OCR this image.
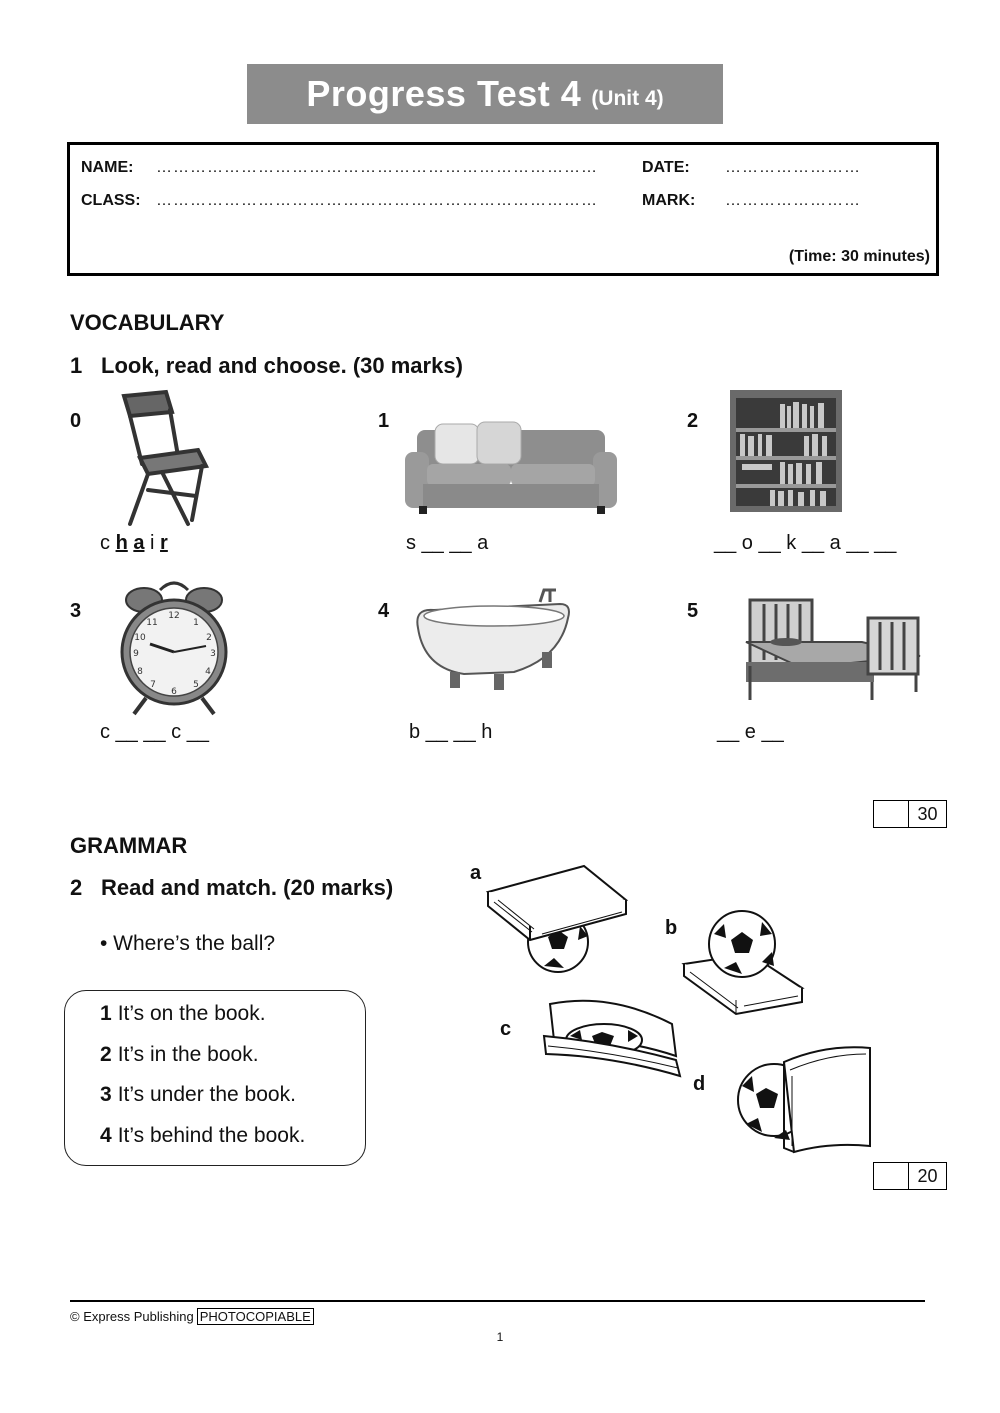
Progress Test 4 (Unit 4)
NAME: ……………………………………………………………………	DATE: ……………………
CLASS: ……………………………………………………………………	MARK: ……………………
(Time: 30 minutes)
VOCABULARY
1 Look, read and choose. (30 marks)
0	1	2
3	4	5
12
1
2
3
4
5
6
7
8
9
10
11
c h a i r	s __ __ a	__ o __ k __ a __ __
c __ __ c __	b __ __ h	__ e __
30
GRAMMAR
2 Read and match. (20 marks)
• Where’s the ball?
1 It’s on the book.
2 It’s in the book.
3 It’s under the book.
4 It’s behind the book.
a
b
c
d
20
© Express Publishing PHOTOCOPIABLE
1
